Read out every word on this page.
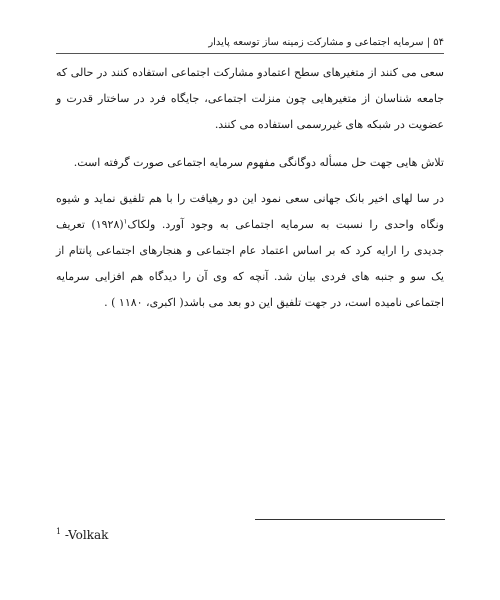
۵۴ | سرمایه اجتماعی و مشارکت زمینه ساز توسعه پایدار

سعی می کنند از متغیرهای سطح اعتمادو مشارکت اجتماعی استفاده کنند در حالی که جامعه شناسان از متغیرهایی چون منزلت اجتماعی، جایگاه فرد در ساختار قدرت و عضویت در شبکه های غیررسمی استفاده می کنند.

تلاش هایی جهت حل مسأله دوگانگی مفهوم سرمایه اجتماعی صورت گرفته است.

در سا لهای اخیر بانک جهانی سعی نمود این دو رهیافت را با هم تلفیق نماید و شیوه ونگاه واحدی را نسبت به سرمایه اجتماعی به وجود آورد. ولکاک$^۱$(۱۹۲۸) تعریف جدیدی را ارایه کرد که بر اساس اعتماد عام اجتماعی و هنجارهای اجتماعی پانتام از یک سو و جنبه های فردی بیان شد. آنچه که وی آن را دیدگاه هم افزایی سرمایه اجتماعی نامیده است، در جهت تلفیق این دو بعد می باشد( اکبری، ۱۱۸۰ ) .

$^1$ -Volkak
